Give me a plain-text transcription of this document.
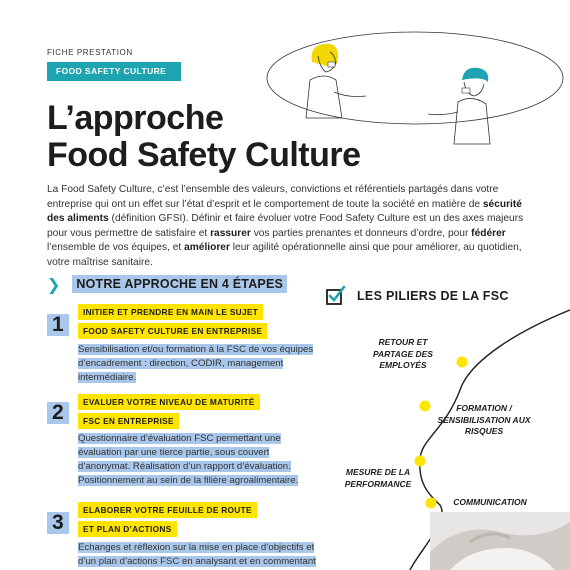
FICHE PRESTATION
FOOD SAFETY CULTURE
L’approche
Food Safety Culture

La Food Safety Culture, c’est l’ensemble des valeurs, convictions et référentiels partagés dans votre entreprise qui ont un effet sur l’état d’esprit et le comportement de toute la société en matière de sécurité des aliments (définition GFSI). Définir et faire évoluer votre Food Safety Culture est un des axes majeurs pour vous permettre de satisfaire et rassurer vos parties prenantes et donneurs d’ordre, pour fédérer l’ensemble de vos équipes, et améliorer leur agilité opérationnelle ainsi que pour améliorer, au quotidien, votre maîtrise sanitaire.

❯	NOTRE APPROCHE EN 4 ÉTAPES
1
INITIER ET PRENDRE EN MAIN LE SUJET
FOOD SAFETY CULTURE EN ENTREPRISE
Sensibilisation et/ou formation à la FSC de vos équipes d’encadrement : direction, CODIR, management intermédiaire.
2	EVALUER VOTRE NIVEAU DE MATURITÉ
FSC EN ENTREPRISE
Questionnaire d’évaluation FSC permettant une évaluation par une tierce partie, sous couvert d’anonymat. Réalisation d’un rapport d’évaluation. Positionnement au sein de la filière agroalimentaire.
3
ELABORER VOTRE FEUILLE DE ROUTE
ET PLAN D’ACTIONS
Echanges et réflexion sur la mise en place d’objectifs et d’un plan d’actions FSC en analysant et en commentant
LES PILIERS DE LA FSC
RETOUR ET PARTAGE DES EMPLOYÉS
FORMATION / SENSIBILISATION AUX RISQUES
MESURE DE LA PERFORMANCE
COMMUNICATION
